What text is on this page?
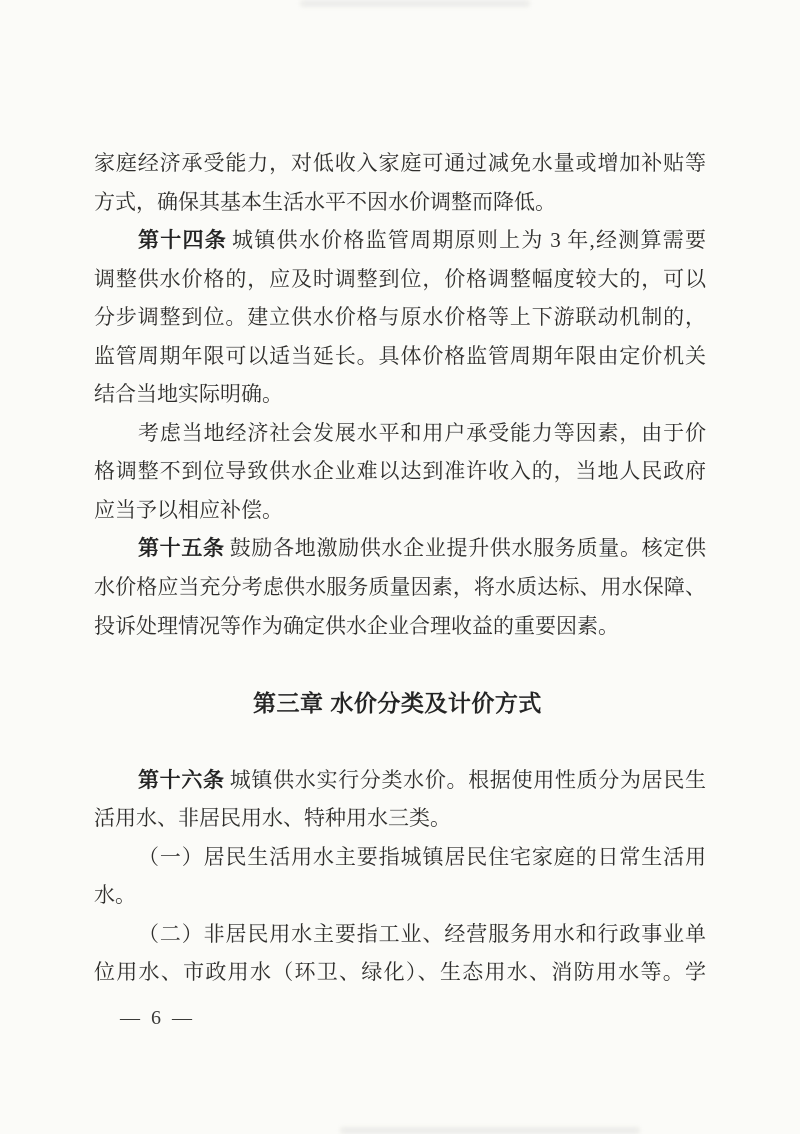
家庭经济承受能力，对低收入家庭可通过减免水量或增加补贴等
方式，确保其基本生活水平不因水价调整而降低。
第十四条 城镇供水价格监管周期原则上为 3 年,经测算需要
调整供水价格的，应及时调整到位，价格调整幅度较大的，可以
分步调整到位。建立供水价格与原水价格等上下游联动机制的，
监管周期年限可以适当延长。具体价格监管周期年限由定价机关
结合当地实际明确。
考虑当地经济社会发展水平和用户承受能力等因素，由于价
格调整不到位导致供水企业难以达到准许收入的，当地人民政府
应当予以相应补偿。
第十五条 鼓励各地激励供水企业提升供水服务质量。核定供
水价格应当充分考虑供水服务质量因素，将水质达标、用水保障、
投诉处理情况等作为确定供水企业合理收益的重要因素。
第三章 水价分类及计价方式
第十六条 城镇供水实行分类水价。根据使用性质分为居民生
活用水、非居民用水、特种用水三类。
（一）居民生活用水主要指城镇居民住宅家庭的日常生活用
水。
（二）非居民用水主要指工业、经营服务用水和行政事业单
位用水、市政用水（环卫、绿化）、生态用水、消防用水等。学
— 6 —
